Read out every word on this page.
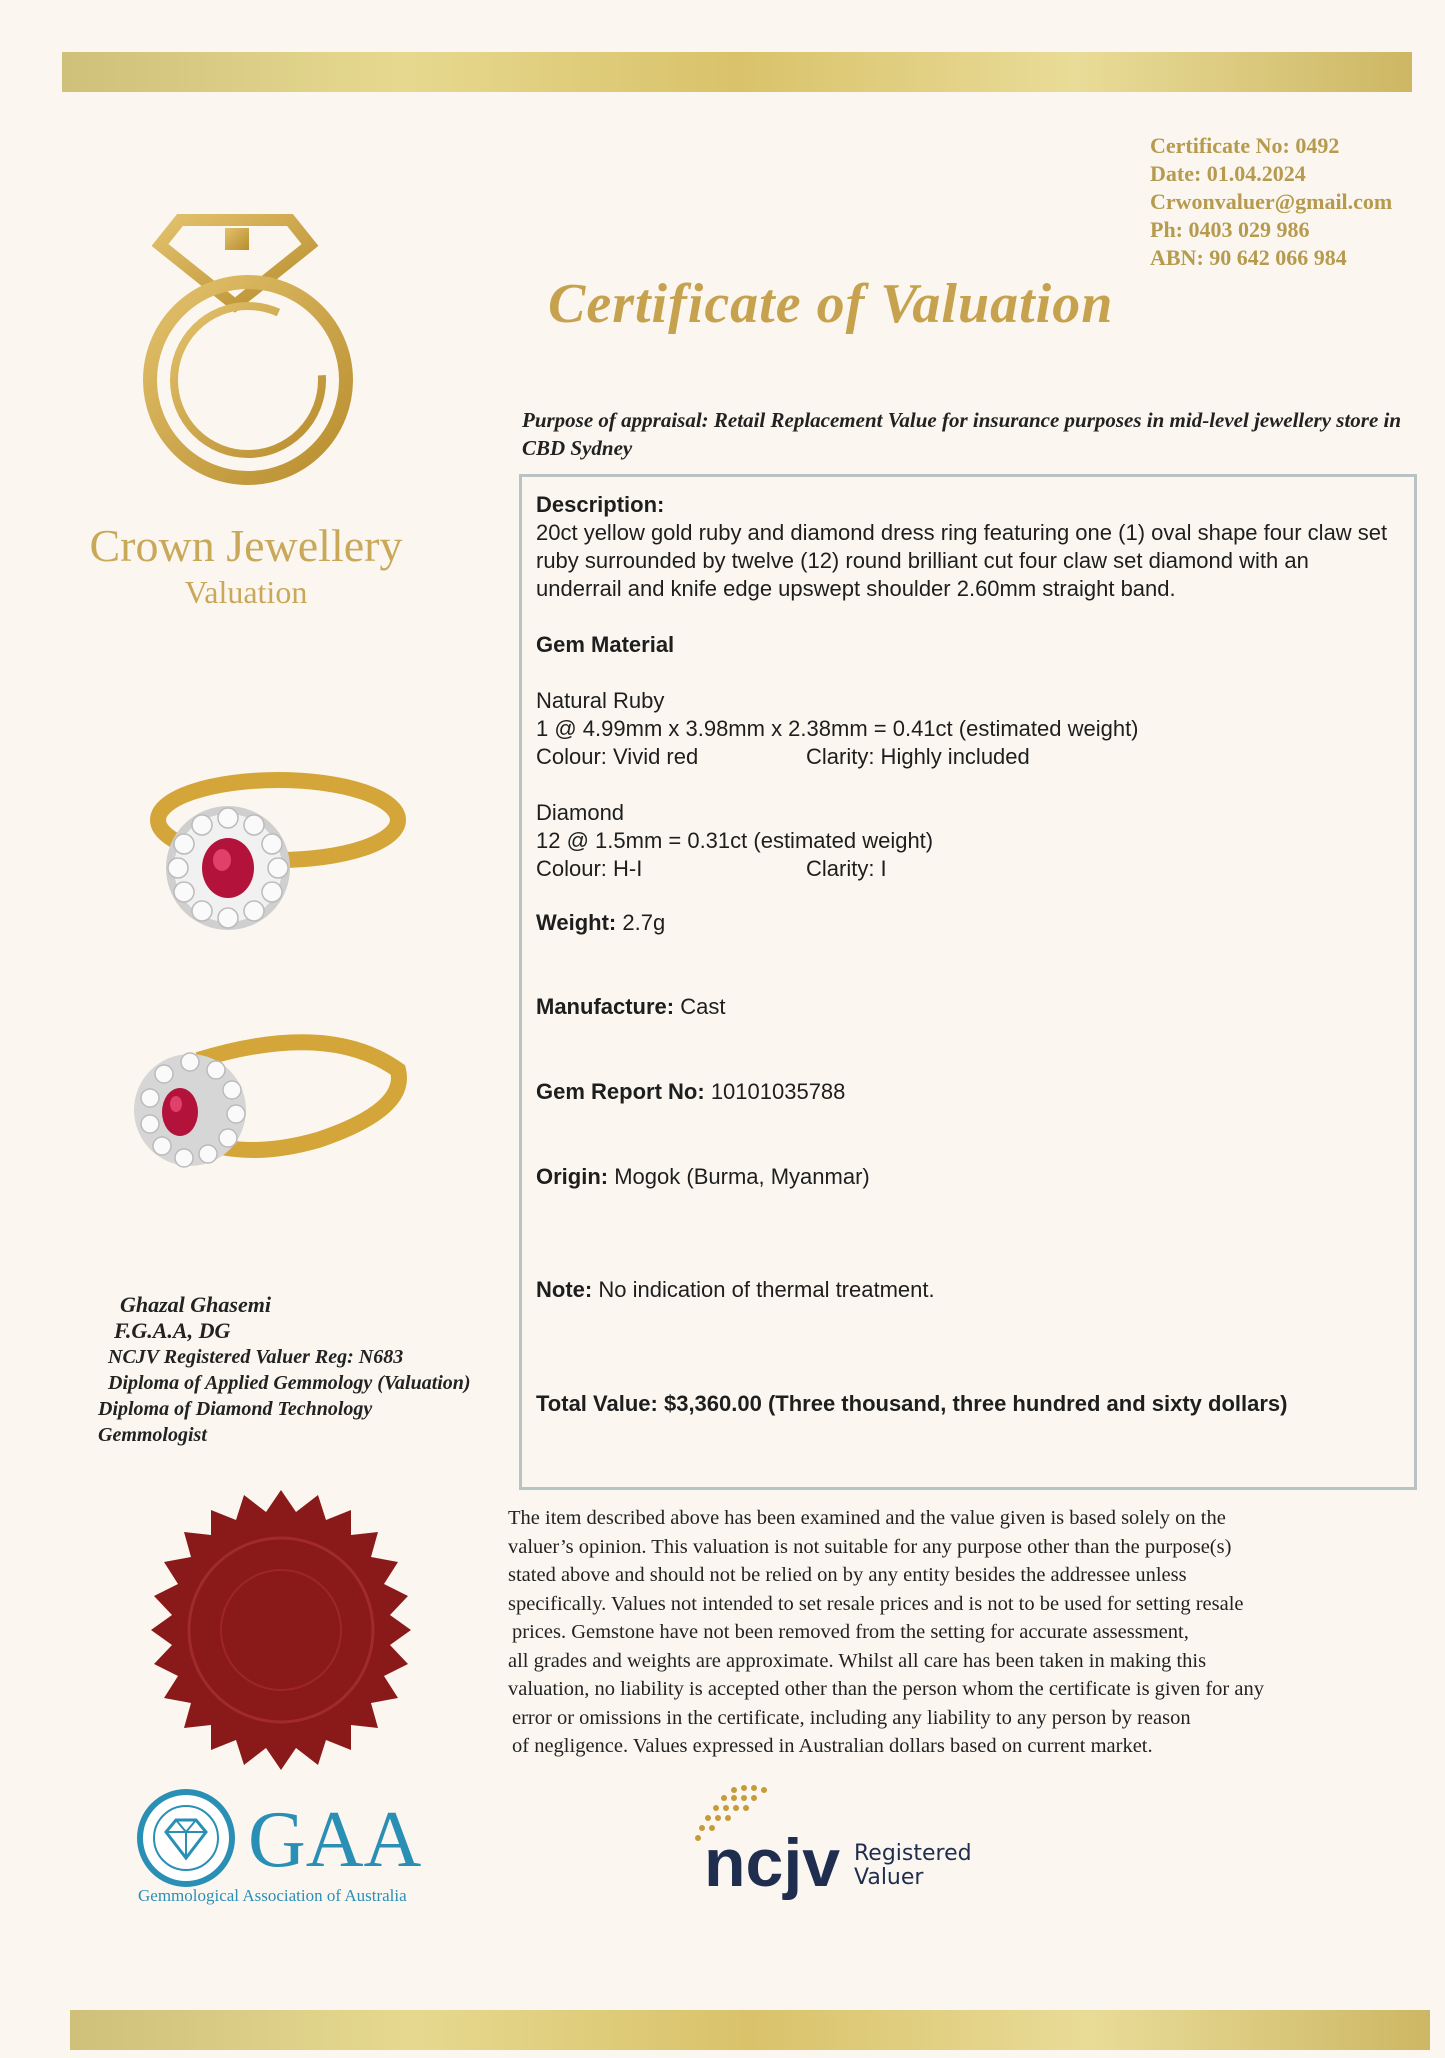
Certificate No: 0492
Date: 01.04.2024
Crwonvaluer@gmail.com
Ph: 0403 029 986
ABN: 90 642 066 984
Crown Jewellery
Valuation
Certificate of Valuation
Ghazal Ghasemi
F.G.A.A, DG
NCJV Registered Valuer Reg: N683
Diploma of Applied Gemmology (Valuation)
Diploma of Diamond Technology
Gemmologist
GAA
Gemmological Association of Australia	ncjv Registered
Valuer
Purpose of appraisal: Retail Replacement Value for insurance purposes in mid-level jewellery store in CBD Sydney
Description:
20ct yellow gold ruby and diamond dress ring featuring one (1) oval shape four claw set ruby surrounded by twelve (12) round brilliant cut four claw set diamond with an underrail and knife edge upswept shoulder 2.60mm straight band.
Gem Material
Natural Ruby
1 @ 4.99mm x 3.98mm x 2.38mm = 0.41ct (estimated weight)
Colour: Vivid red	Clarity: Highly included
Diamond
12 @ 1.5mm = 0.31ct (estimated weight)
Colour: H-I	Clarity: I
Weight: 2.7g
Manufacture: Cast
Gem Report No: 10101035788
Origin: Mogok (Burma, Myanmar)
Note: No indication of thermal treatment.
Total Value: $3,360.00 (Three thousand, three hundred and sixty dollars)
The item described above has been examined and the value given is based solely on the
valuer’s opinion. This valuation is not suitable for any purpose other than the purpose(s)
stated above and should not be relied on by any entity besides the addressee unless
specifically. Values not intended to set resale prices and is not to be used for setting resale
prices. Gemstone have not been removed from the setting for accurate assessment,
all grades and weights are approximate. Whilst all care has been taken in making this
valuation, no liability is accepted other than the person whom the certificate is given for any
error or omissions in the certificate, including any liability to any person by reason
of negligence. Values expressed in Australian dollars based on current market.
